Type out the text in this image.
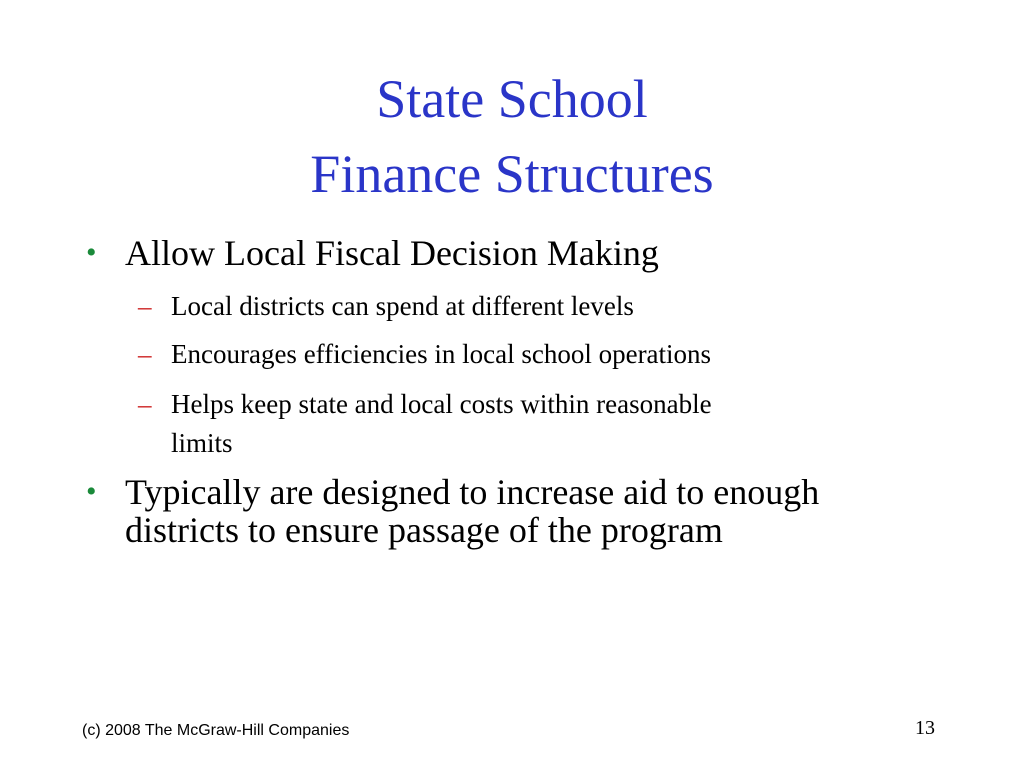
State School
Finance Structures
• Allow Local Fiscal Decision Making
– Local districts can spend at different levels
– Encourages efficiencies in local school operations
– Helps keep state and local costs within reasonable
limits
• Typically are designed to increase aid to enough
districts to ensure passage of the program
(c) 2008 The McGraw-Hill Companies	13
